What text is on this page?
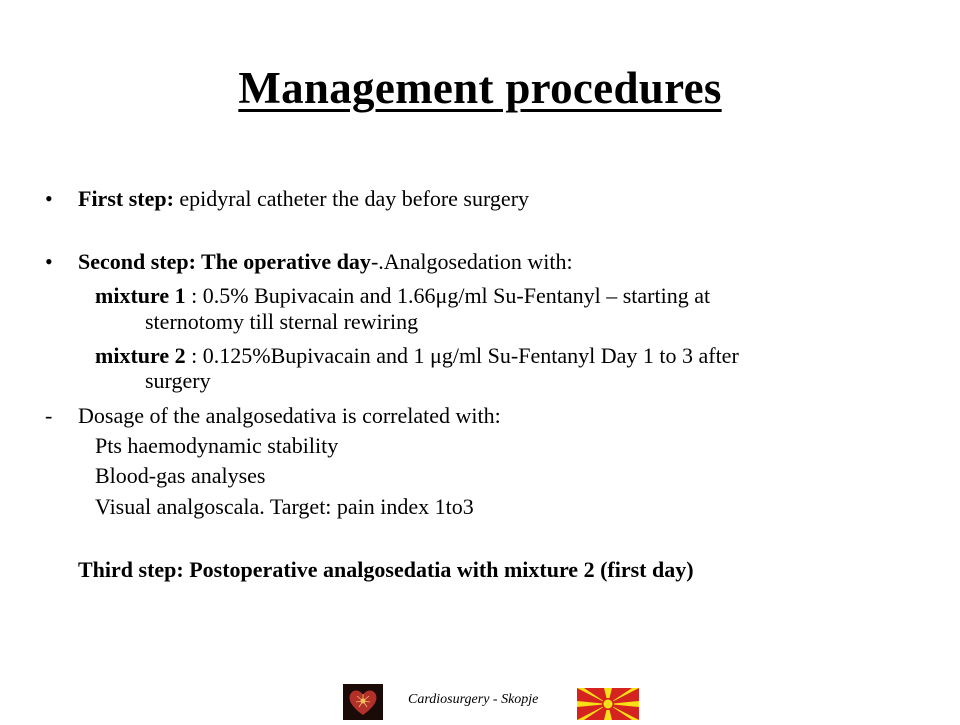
Management procedures
• First step: epidyral catheter the day before surgery
• Second step: The operative day-.Analgosedation with:
mixture 1 : 0.5% Bupivacain and 1.66μg/ml Su-Fentanyl – starting at
sternotomy till sternal rewiring
mixture 2 : 0.125%Bupivacain and 1 μg/ml Su-Fentanyl Day 1 to 3 after
surgery
- Dosage of the analgosedativa is correlated with:
Pts haemodynamic stability
Blood-gas analyses
Visual analgoscala. Target: pain index 1to3
Third step: Postoperative analgosedatia with mixture 2 (first day)
Cardiosurgery - Skopje
